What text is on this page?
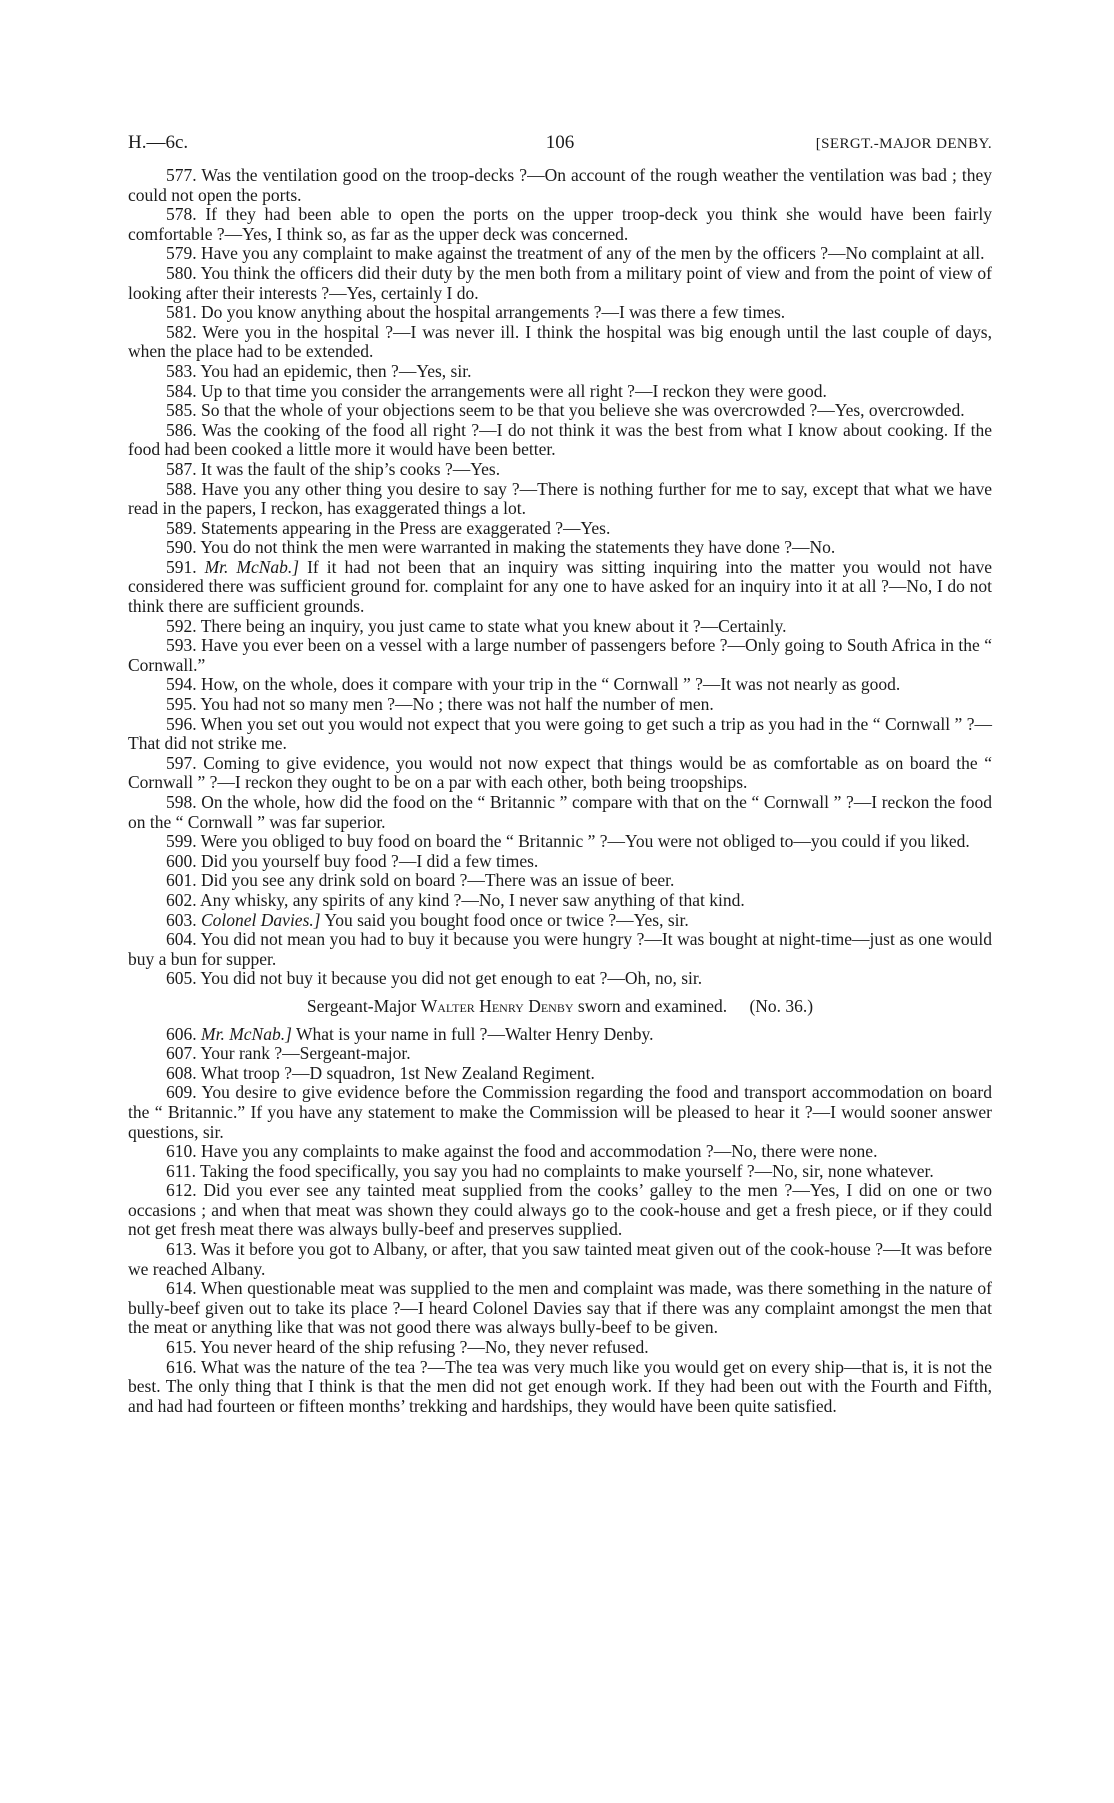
H.—6c.	106	[SERGT.-MAJOR DENBY.

577. Was the ventilation good on the troop-decks ?—On account of the rough weather the ventilation was bad ; they could not open the ports.

578. If they had been able to open the ports on the upper troop-deck you think she would have been fairly comfortable ?—Yes, I think so, as far as the upper deck was concerned.

579. Have you any complaint to make against the treatment of any of the men by the officers ?—No complaint at all.

580. You think the officers did their duty by the men both from a military point of view and from the point of view of looking after their interests ?—Yes, certainly I do.

581. Do you know anything about the hospital arrangements ?—I was there a few times.

582. Were you in the hospital ?—I was never ill. I think the hospital was big enough until the last couple of days, when the place had to be extended.

583. You had an epidemic, then ?—Yes, sir.

584. Up to that time you consider the arrangements were all right ?—I reckon they were good.

585. So that the whole of your objections seem to be that you believe she was overcrowded ?—Yes, overcrowded.

586. Was the cooking of the food all right ?—I do not think it was the best from what I know about cooking. If the food had been cooked a little more it would have been better.

587. It was the fault of the ship’s cooks ?—Yes.

588. Have you any other thing you desire to say ?—There is nothing further for me to say, except that what we have read in the papers, I reckon, has exaggerated things a lot.

589. Statements appearing in the Press are exaggerated ?—Yes.

590. You do not think the men were warranted in making the statements they have done ?—No.

591. Mr. McNab.] If it had not been that an inquiry was sitting inquiring into the matter you would not have considered there was sufficient ground for. complaint for any one to have asked for an inquiry into it at all ?—No, I do not think there are sufficient grounds.

592. There being an inquiry, you just came to state what you knew about it ?—Certainly.

593. Have you ever been on a vessel with a large number of passengers before ?—Only going to South Africa in the “ Cornwall.”

594. How, on the whole, does it compare with your trip in the “ Cornwall ” ?—It was not nearly as good.

595. You had not so many men ?—No ; there was not half the number of men.

596. When you set out you would not expect that you were going to get such a trip as you had in the “ Cornwall ” ?—That did not strike me.

597. Coming to give evidence, you would not now expect that things would be as comfortable as on board the “ Cornwall ” ?—I reckon they ought to be on a par with each other, both being troopships.

598. On the whole, how did the food on the “ Britannic ” compare with that on the “ Cornwall ” ?—I reckon the food on the “ Cornwall ” was far superior.

599. Were you obliged to buy food on board the “ Britannic ” ?—You were not obliged to—you could if you liked.

600. Did you yourself buy food ?—I did a few times.

601. Did you see any drink sold on board ?—There was an issue of beer.

602. Any whisky, any spirits of any kind ?—No, I never saw anything of that kind.

603. Colonel Davies.] You said you bought food once or twice ?—Yes, sir.

604. You did not mean you had to buy it because you were hungry ?—It was bought at night-time—just as one would buy a bun for supper.

605. You did not buy it because you did not get enough to eat ?—Oh, no, sir.

Sergeant-Major Walter Henry Denby sworn and examined. (No. 36.)

606. Mr. McNab.] What is your name in full ?—Walter Henry Denby.

607. Your rank ?—Sergeant-major.

608. What troop ?—D squadron, 1st New Zealand Regiment.

609. You desire to give evidence before the Commission regarding the food and transport accommodation on board the “ Britannic.” If you have any statement to make the Commission will be pleased to hear it ?—I would sooner answer questions, sir.

610. Have you any complaints to make against the food and accommodation ?—No, there were none.

611. Taking the food specifically, you say you had no complaints to make yourself ?—No, sir, none whatever.

612. Did you ever see any tainted meat supplied from the cooks’ galley to the men ?—Yes, I did on one or two occasions ; and when that meat was shown they could always go to the cook-house and get a fresh piece, or if they could not get fresh meat there was always bully-beef and preserves supplied.

613. Was it before you got to Albany, or after, that you saw tainted meat given out of the cook-house ?—It was before we reached Albany.

614. When questionable meat was supplied to the men and complaint was made, was there something in the nature of bully-beef given out to take its place ?—I heard Colonel Davies say that if there was any complaint amongst the men that the meat or anything like that was not good there was always bully-beef to be given.

615. You never heard of the ship refusing ?—No, they never refused.

616. What was the nature of the tea ?—The tea was very much like you would get on every ship—that is, it is not the best. The only thing that I think is that the men did not get enough work. If they had been out with the Fourth and Fifth, and had had fourteen or fifteen months’ trekking and hardships, they would have been quite satisfied.
